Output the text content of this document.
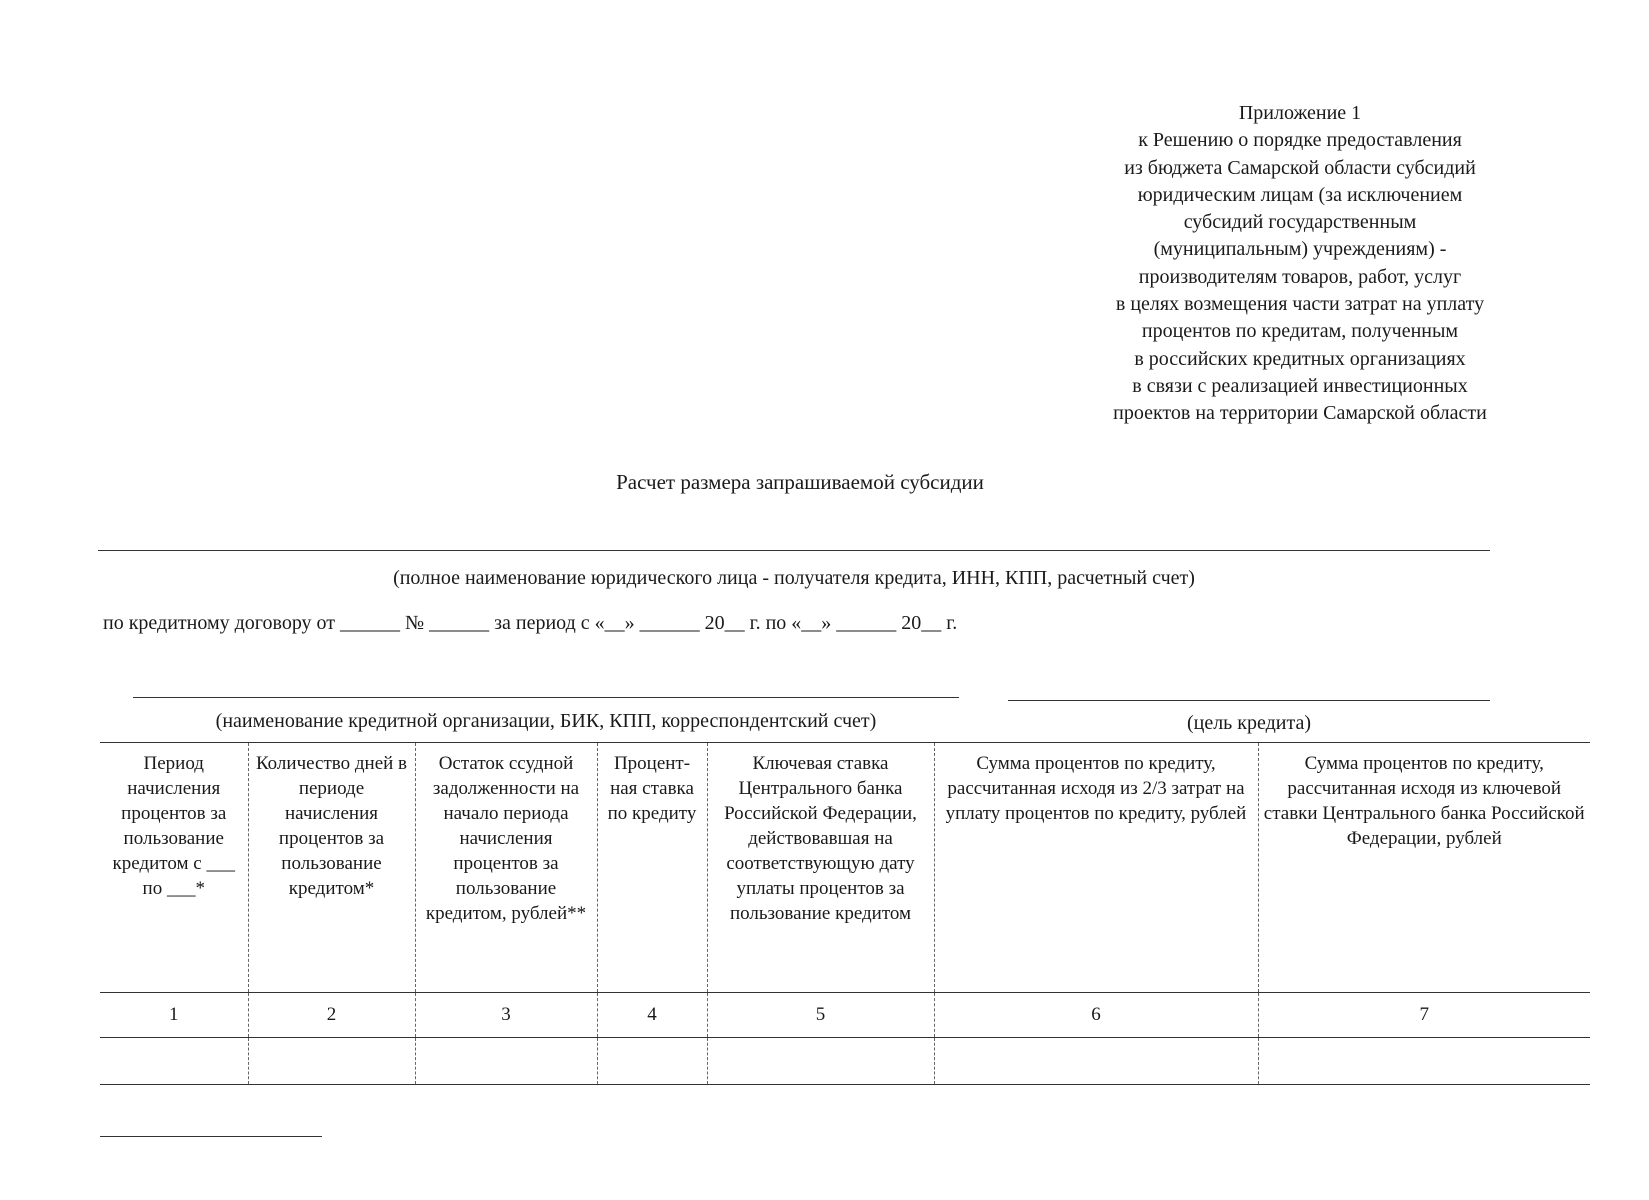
Приложение 1
к Решению о порядке предоставления
из бюджета Самарской области субсидий
юридическим лицам (за исключением
субсидий государственным
(муниципальным) учреждениям) -
производителям товаров, работ, услуг
в целях возмещения части затрат на уплату
процентов по кредитам, полученным
в российских кредитных организациях
в связи с реализацией инвестиционных
проектов на территории Самарской области
Расчет размера запрашиваемой субсидии
(полное наименование юридического лица - получателя кредита, ИНН, КПП, расчетный счет)
по кредитному договору от ______ № ______ за период с «__» ______ 20__ г. по «__» ______ 20__ г.
(наименование кредитной организации, БИК, КПП, корреспондентский счет)	(цель кредита)
Период начисления процентов за пользование кредитом с ___ по ___*	Количество дней в периоде начисления процентов за пользование кредитом*	Остаток ссудной задолженности на начало периода начисления процентов за пользование кредитом, рублей**	Процент-ная ставка по кредиту	Ключевая ставка Центрального банка Российской Федерации, действовавшая на соответствующую дату уплаты процентов за пользование кредитом	Сумма процентов по кредиту, рассчитанная исходя из 2/3 затрат на уплату процентов по кредиту, рублей	Сумма процентов по кредиту, рассчитанная исходя из ключевой ставки Центрального банка Российской Федерации, рублей
1	2	3	4	5	6	7
